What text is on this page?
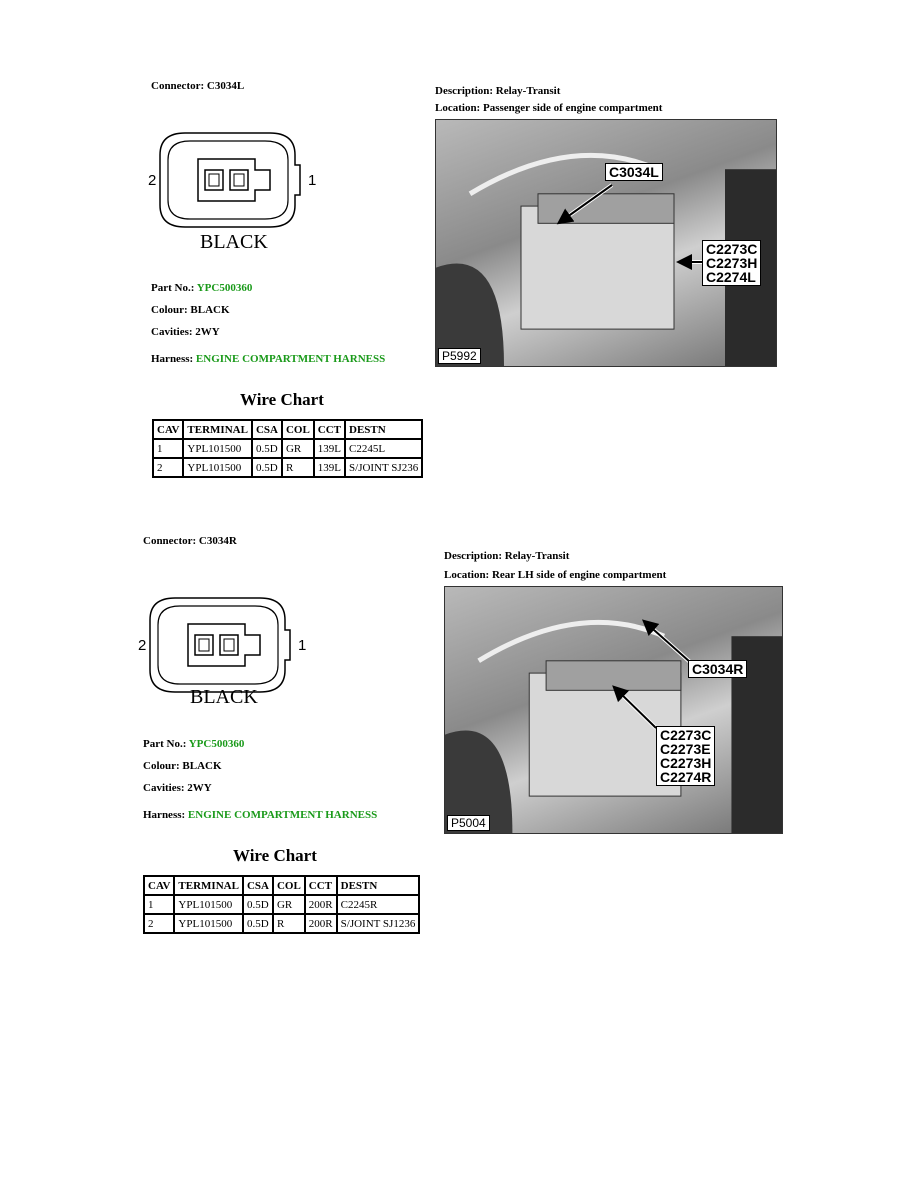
Connector: C3034L	Description: Relay-Transit
Location: Passenger side of engine compartment
2	1
BLACK
Part No.: YPC500360
Colour: BLACK
Cavities: 2WY
Harness: ENGINE COMPARTMENT HARNESS	P5992
C3034L
C2273C
C2273H
C2274L
Wire Chart
CAV	TERMINAL	CSA	COL	CCT	DESTN
1	YPL101500	0.5D	GR	139L	C2245L
2	YPL101500	0.5D	R	139L	S/JOINT SJ236
Connector: C3034R
Description: Relay-Transit
Location: Rear LH side of engine compartment
2	1
BLACK
Part No.: YPC500360
Colour: BLACK
Cavities: 2WY
Harness: ENGINE COMPARTMENT HARNESS
P5004
C3034R
C2273C
C2273E
C2273H
C2274R
Wire Chart
CAV	TERMINAL	CSA	COL	CCT	DESTN
1	YPL101500	0.5D	GR	200R	C2245R
2	YPL101500	0.5D	R	200R	S/JOINT SJ1236
